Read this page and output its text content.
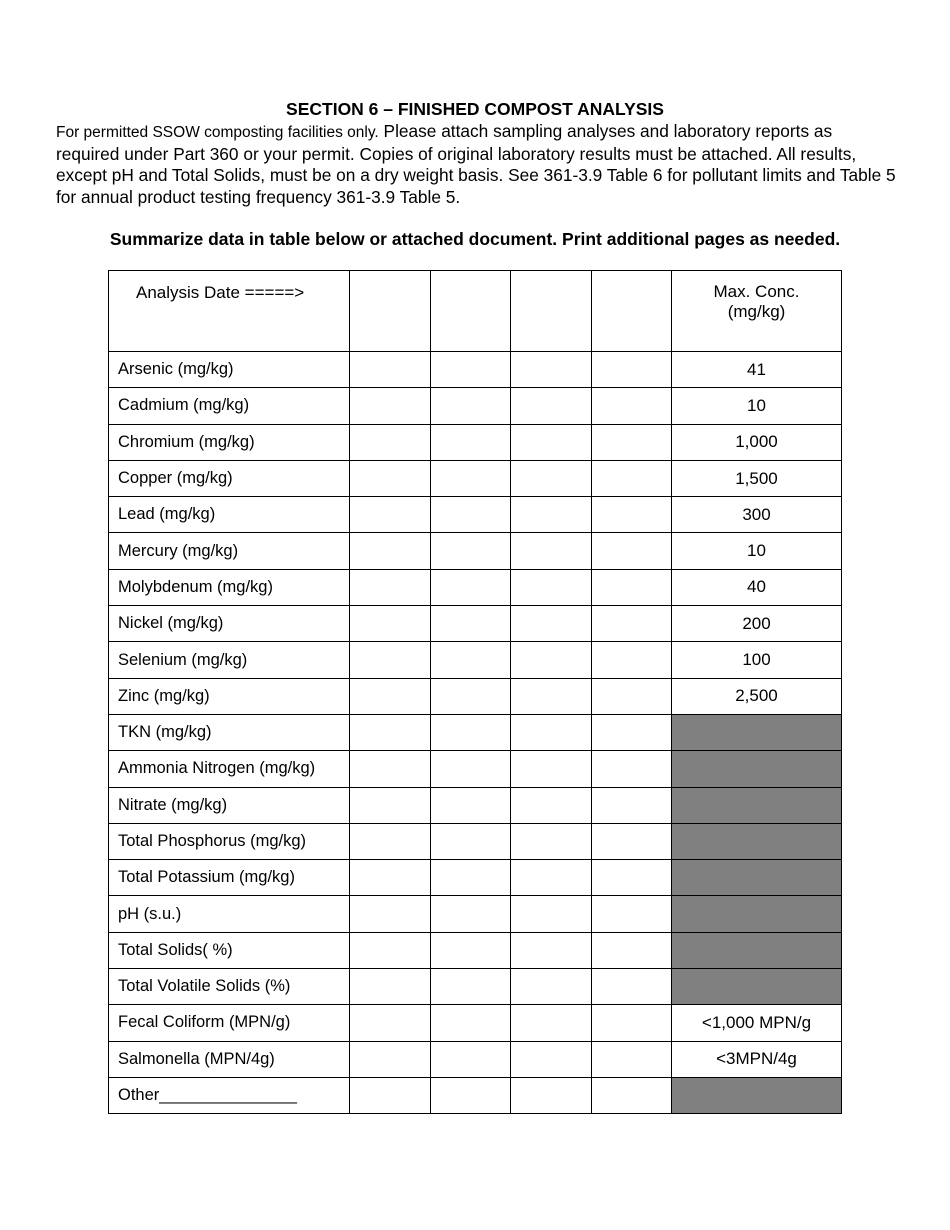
SECTION 6 – FINISHED COMPOST ANALYSIS
For permitted SSOW composting facilities only. Please attach sampling analyses and laboratory reports as required under Part 360 or your permit. Copies of original laboratory results must be attached. All results, except pH and Total Solids, must be on a dry weight basis. See 361-3.9 Table 6 for pollutant limits and Table 5 for annual product testing frequency 361-3.9 Table 5.
Summarize data in table below or attached document. Print additional pages as needed.
Analysis Date =====>					Max. Conc.
(mg/kg)
Arsenic (mg/kg)					41
Cadmium (mg/kg)					10
Chromium (mg/kg)					1,000
Copper (mg/kg)					1,500
Lead (mg/kg)					300
Mercury (mg/kg)					10
Molybdenum (mg/kg)					40
Nickel (mg/kg)					200
Selenium (mg/kg)					100
Zinc (mg/kg)					2,500
TKN (mg/kg)					
Ammonia Nitrogen (mg/kg)					
Nitrate (mg/kg)					
Total Phosphorus (mg/kg)					
Total Potassium (mg/kg)					
pH (s.u.)					
Total Solids( %)					
Total Volatile Solids (%)					
Fecal Coliform (MPN/g)					<1,000 MPN/g
Salmonella (MPN/4g)					<3MPN/4g
Other_______________					
